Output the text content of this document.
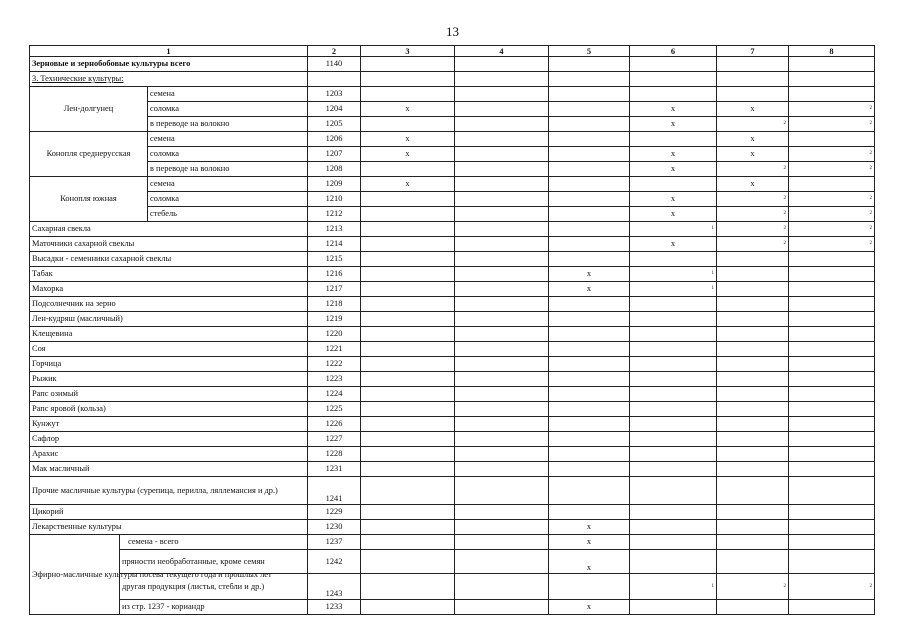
13
1			2	3	4	5	6	7	8
Зерновые и зернобобовые культуры всего			1140						
3. Технические культуры:									
Лен-долгунец		семена	1203						
		соломка	1204	x			x	x	2
		в переводе на волокно	1205				x	2	2
Конопля среднерусская		семена	1206	x				x	
		соломка	1207	x			x	x	2
		в переводе на волокно	1208				x	2	2
Конопля южная		семена	1209	x				x	
		соломка	1210				x	2	2
		стебель	1212				x	2	2
Сахарная свекла			1213				1	2	2
Маточники сахарной свеклы			1214				x	2	2
Высадки - семенники сахарной свеклы			1215						
Табак			1216			x	1		
Махорка			1217			x	1		
Подсолнечник на зерно			1218						
Лен-кудряш (масличный)			1219						
Клещевина			1220						
Соя			1221						
Горчица			1222						
Рыжик			1223						
Рапс озимый			1224						
Рапс яровой (кольза)			1225						
Кунжут			1226						
Сафлор			1227						
Арахис			1228						
Мак масличный			1231						
Прочие масличные культуры (сурепица, перилла, ляллемансия и др.)			1241						
Цикорий			1229						
Лекарственные культуры			1230			x			
Эфирно-масличные культуры посева текущего года и прошлых лет	семена - всего		1237			x			
	пряности необработанные, кроме семян		1242			x			
	другая продукция (листья, стебли и др.)		1243				1	2	2
	из стр. 1237 - кориандр		1233			x			
